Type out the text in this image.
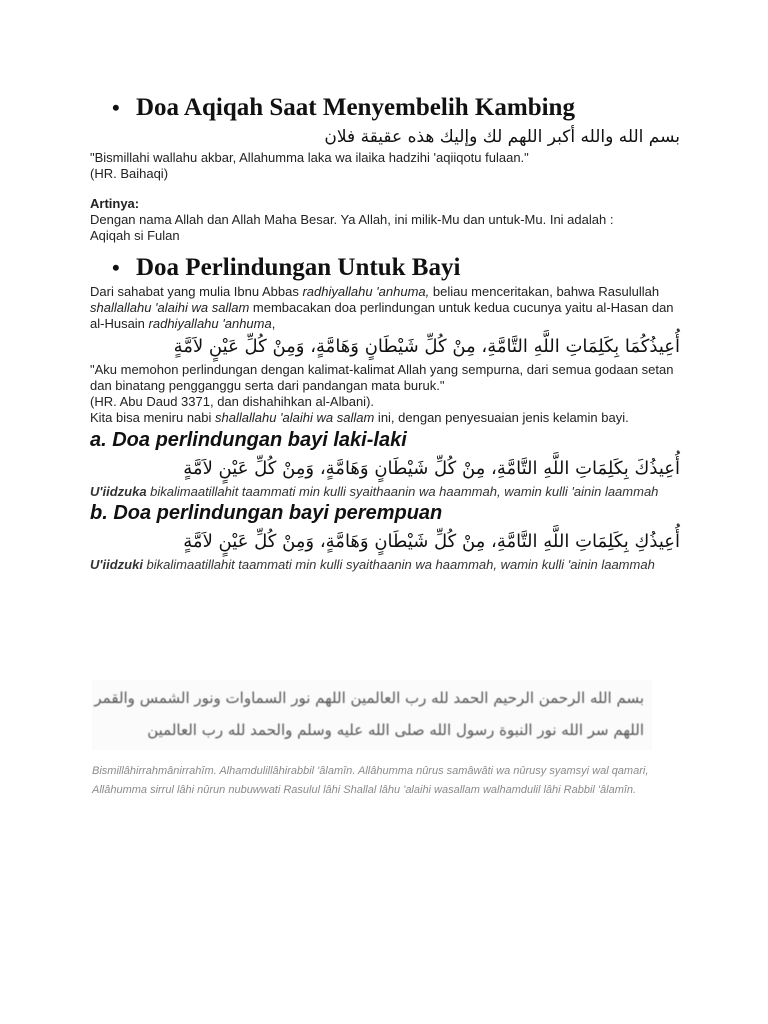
• Doa Aqiqah Saat Menyembelih Kambing
بسم الله والله أكبر اللهم لك وإليك هذه عقيقة فلان

"Bismillahi wallahu akbar, Allahumma laka wa ilaika hadzihi 'aqiiqotu fulaan."

(HR. Baihaqi)

Artinya:

Dengan nama Allah dan Allah Maha Besar. Ya Allah, ini milik-Mu dan untuk-Mu. Ini adalah :
Aqiqah si Fulan

• Doa Perlindungan Untuk Bayi

Dari sahabat yang mulia Ibnu Abbas radhiyallahu 'anhuma, beliau menceritakan, bahwa Rasulullah shallallahu 'alaihi wa sallam membacakan doa perlindungan untuk kedua cucunya yaitu al-Hasan dan al-Husain radhiyallahu 'anhuma,

أُعِيذُكُمَا بِكَلِمَاتِ اللَّهِ التَّامَّةِ، مِنْ كُلِّ شَيْطَانٍ وَهَامَّةٍ، وَمِنْ كُلِّ عَيْنٍ لاَمَّةٍ

"Aku memohon perlindungan dengan kalimat-kalimat Allah yang sempurna, dari semua godaan setan dan binatang pengganggu serta dari pandangan mata buruk."

(HR. Abu Daud 3371, dan dishahihkan al-Albani).

Kita bisa meniru nabi shallallahu 'alaihi wa sallam ini, dengan penyesuaian jenis kelamin bayi.

a. Doa perlindungan bayi laki-laki
أُعِيذُكَ بِكَلِمَاتِ اللَّهِ التَّامَّةِ، مِنْ كُلِّ شَيْطَانٍ وَهَامَّةٍ، وَمِنْ كُلِّ عَيْنٍ لاَمَّةٍ

U'iidzuka bikalimaatillahit taammati min kulli syaithaanin wa haammah, wamin kulli 'ainin laammah

b. Doa perlindungan bayi perempuan
أُعِيذُكِ بِكَلِمَاتِ اللَّهِ التَّامَّةِ، مِنْ كُلِّ شَيْطَانٍ وَهَامَّةٍ، وَمِنْ كُلِّ عَيْنٍ لاَمَّةٍ

U'iidzuki bikalimaatillahit taammati min kulli syaithaanin wa haammah, wamin kulli 'ainin laammah

بسم الله الرحمن الرحيم الحمد لله رب العالمين اللهم نور السماوات ونور الشمس والقمر
اللهم سر الله نور النبوة رسول الله صلى الله عليه وسلم والحمد لله رب العالمين

Bismillâhirrahmânirrahîm. Alhamdulillâhirabbil 'âlamîn. Allâhumma nûrus samâwâti wa nûrusy syamsyi wal qamari, Allâhumma sirrul lâhi nûrun nubuwwati Rasulul lâhi Shallal lâhu 'alaihi wasallam walhamdulil lâhi Rabbil 'âlamîn.
